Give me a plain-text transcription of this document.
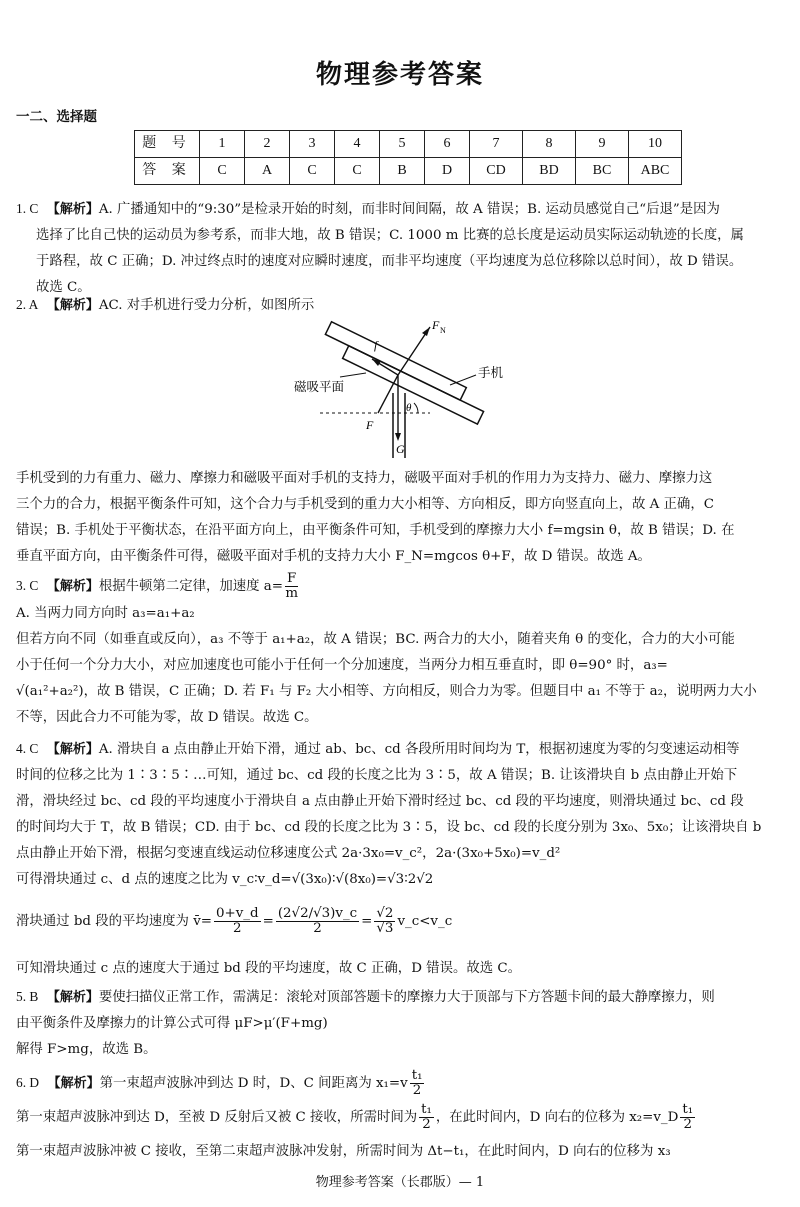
物理参考答案
一二、选择题
题 号	1	2	3	4	5	6	7	8	9	10
答 案	C	A	C	C	B	D	CD	BD	BC	ABC

1. C 【解析】A. 广播通知中的“9:30”是检录开始的时刻，而非时间间隔，故 A 错误；B. 运动员感觉自己“后退”是因为

选择了比自己快的运动员为参考系，而非大地，故 B 错误；C. 1000 m 比赛的总长度是运动员实际运动轨迹的长度，属

于路程，故 C 正确；D. 冲过终点时的速度对应瞬时速度，而非平均速度（平均速度为总位移除以总时间），故 D 错误。

故选 C。

2. A 【解析】AC. 对手机进行受力分析，如图所示

F N
f
F
G
θ
磁吸平面
手机

手机受到的力有重力、磁力、摩擦力和磁吸平面对手机的支持力，磁吸平面对手机的作用力为支持力、磁力、摩擦力这

三个力的合力，根据平衡条件可知，这个合力与手机受到的重力大小相等、方向相反，即方向竖直向上，故 A 正确，C

错误；B. 手机处于平衡状态，在沿平面方向上，由平衡条件可知，手机受到的摩擦力大小 f=mgsin θ，故 B 错误；D. 在

垂直平面方向，由平衡条件可得，磁吸平面对手机的支持力大小 F_N=mgcos θ+F，故 D 错误。故选 A。

3. C 【解析】根据牛顿第二定律，加速度 $a= \frac{F}{m}$

A. 当两力同方向时 a₃=a₁+a₂

但若方向不同（如垂直或反向），a₃ 不等于 a₁+a₂，故 A 错误；BC. 两合力的大小，随着夹角 θ 的变化，合力的大小可能

小于任何一个分力大小，对应加速度也可能小于任何一个分加速度，当两分力相互垂直时，即 θ=90° 时，a₃=

√(a₁²+a₂²)，故 B 错误，C 正确；D. 若 F₁ 与 F₂ 大小相等、方向相反，则合力为零。但题目中 a₁ 不等于 a₂，说明两力大小

不等，因此合力不可能为零，故 D 错误。故选 C。

4. C 【解析】A. 滑块自 a 点由静止开始下滑，通过 ab、bc、cd 各段所用时间均为 T，根据初速度为零的匀变速运动相等

时间的位移之比为 1∶3∶5∶…可知，通过 bc、cd 段的长度之比为 3∶5，故 A 错误；B. 让该滑块自 b 点由静止开始下

滑，滑块经过 bc、cd 段的平均速度小于滑块自 a 点由静止开始下滑时经过 bc、cd 段的平均速度，则滑块通过 bc、cd 段

的时间均大于 T，故 B 错误；CD. 由于 bc、cd 段的长度之比为 3∶5，设 bc、cd 段的长度分别为 3x₀、5x₀；让该滑块自 b

点由静止开始下滑，根据匀变速直线运动位移速度公式 2a·3x₀=v_c²，2a·(3x₀+5x₀)=v_d²

可得滑块通过 c、d 点的速度之比为 v_c∶v_d=√(3x₀)∶√(8x₀)=√3∶2√2

滑块通过 bd 段的平均速度为 v̄= $\frac{0+v\_d}{2} = \frac{(2√2/√3)v\_c}{2} = \frac{√2}{√3}$ v_c<v_c

可知滑块通过 c 点的速度大于通过 bd 段的平均速度，故 C 正确，D 错误。故选 C。

5. B 【解析】要使扫描仪正常工作，需满足：滚轮对顶部答题卡的摩擦力大于顶部与下方答题卡间的最大静摩擦力，则

由平衡条件及摩擦力的计算公式可得 μF>μ′(F+mg)

解得 F>mg，故选 B。

6. D 【解析】第一束超声波脉冲到达 D 时，D、C 间距离为 $x_1=v \frac{\text{t₁}}{2}$

第一束超声波脉冲到达 D，至被 D 反射后又被 C 接收，所需时间为 $\frac{\text{t₁}}{2}$ ，在此时间内，D 向右的位移为 x₂=v_D $\frac{\text{t₁}}{2}$

第一束超声波脉冲被 C 接收，至第二束超声波脉冲发射，所需时间为 Δt−t₁，在此时间内，D 向右的位移为 x₃

物理参考答案（长郡版）— 1
